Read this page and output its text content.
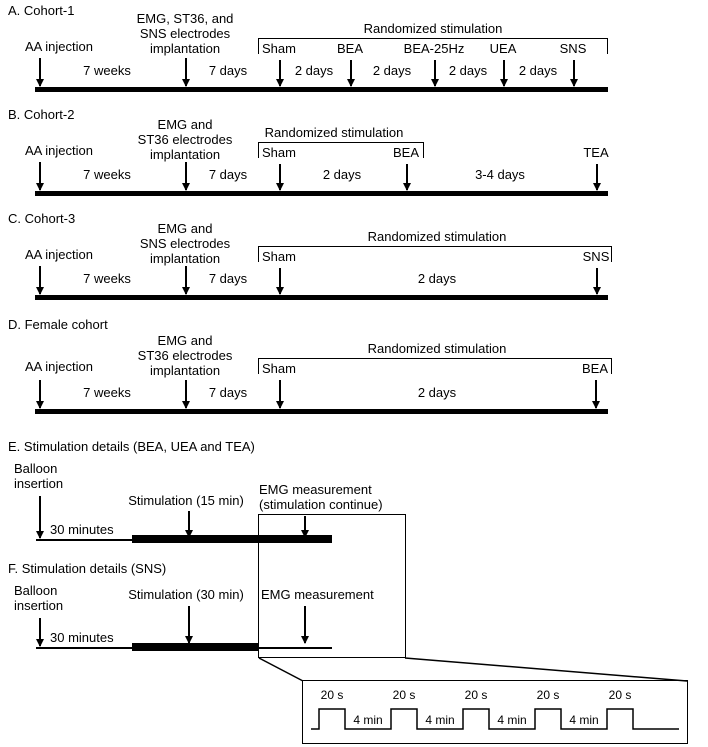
A. Cohort-1
EMG, ST36, and
SNS electrodes
implantation
Randomized stimulation
AA injection	Sham	BEA	BEA-25Hz UEA	SNS
7 weeks	7 days	2 days	2 days	2 days 2 days
B. Cohort-2
EMG and
ST36 electrodes
implantation
Randomized stimulation
AA injection	Sham	BEA	TEA
7 weeks	7 days	2 days	3-4 days
C. Cohort-3
EMG and
SNS electrodes
implantation
Randomized stimulation
AA injection	Sham	SNS
7 weeks	7 days	2 days
D. Female cohort
EMG and
ST36 electrodes
implantation
Randomized stimulation
AA injection	Sham	BEA
7 weeks	7 days	2 days
E. Stimulation details (BEA, UEA and TEA)
Balloon
insertion
30 minutes
Stimulation (15 min)
EMG measurement
(stimulation continue)
F. Stimulation details (SNS)
Balloon
insertion
30 minutes
Stimulation (30 min) EMG measurement
20 s	20 s	20 s	20 s	20 s
4 min	4 min	4 min	4 min
